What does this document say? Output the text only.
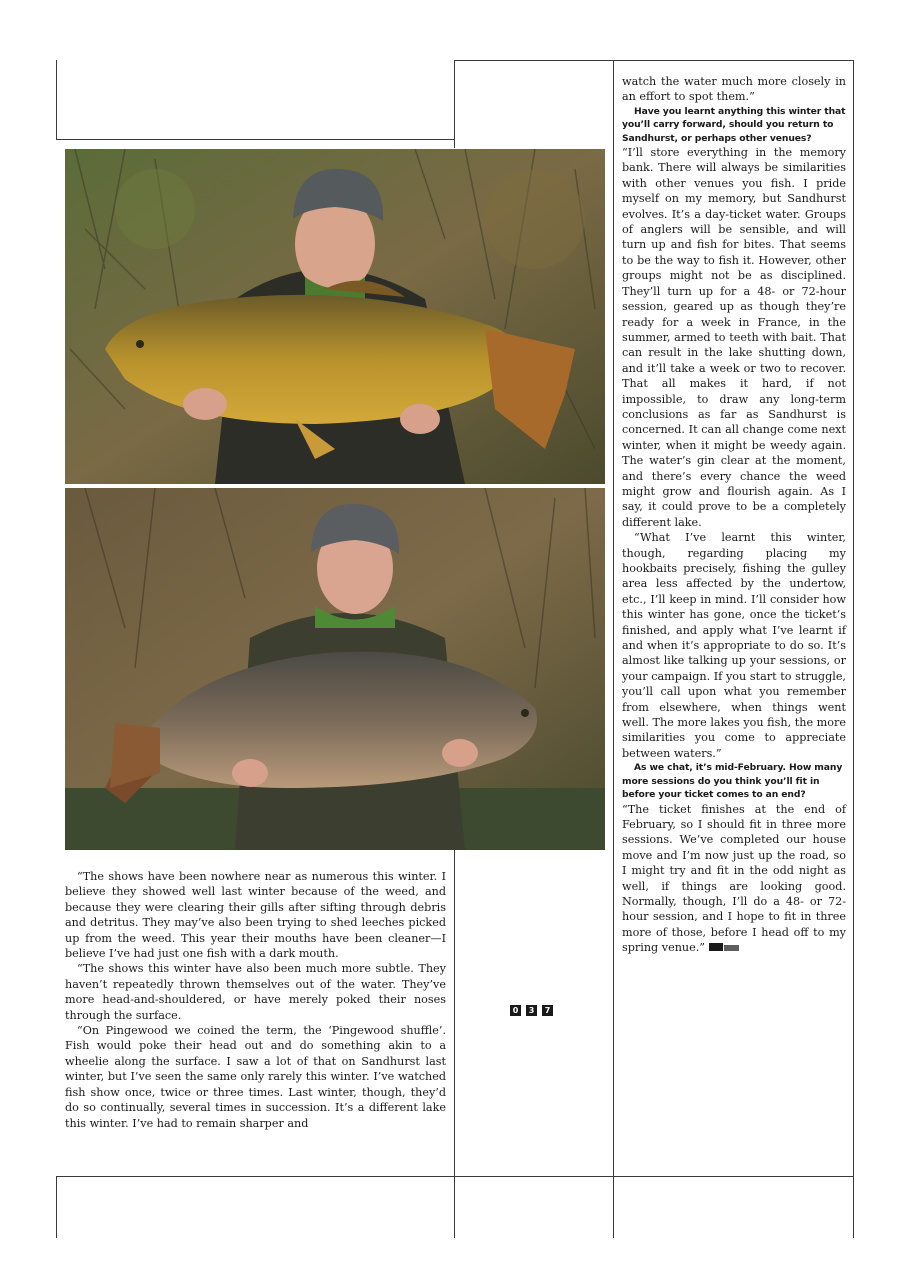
“The shows have been nowhere near as numerous this winter. I believe they showed well last winter because of the weed, and because they were clearing their gills after sifting through debris and detritus. They may’ve also been trying to shed leeches picked up from the weed. This year their mouths have been cleaner—I believe I’ve had just one fish with a dark mouth.

“The shows this winter have also been much more subtle. They haven’t repeatedly thrown themselves out of the water. They’ve more head-and-shouldered, or have merely poked their noses through the surface.

“On Pingewood we coined the term, the ‘Pingewood shuffle’. Fish would poke their head out and do something akin to a wheelie along the surface. I saw a lot of that on Sandhurst last winter, but I’ve seen the same only rarely this winter. I’ve watched fish show once, twice or three times. Last winter, though, they’d do so continually, several times in succession. It’s a different lake this winter. I’ve had to remain sharper and

0	3	7

watch the water much more closely in an effort to spot them.”

Have you learnt anything this winter that you’ll carry forward, should you return to Sandhurst, or perhaps other venues?

“I’ll store everything in the memory bank. There will always be similarities with other venues you fish. I pride myself on my memory, but Sandhurst evolves. It’s a day-ticket water. Groups of anglers will be sensible, and will turn up and fish for bites. That seems to be the way to fish it. However, other groups might not be as disciplined. They’ll turn up for a 48- or 72-hour session, geared up as though they’re ready for a week in France, in the summer, armed to teeth with bait. That can result in the lake shutting down, and it’ll take a week or two to recover. That all makes it hard, if not impossible, to draw any long-term conclusions as far as Sandhurst is concerned. It can all change come next winter, when it might be weedy again. The water’s gin clear at the moment, and there’s every chance the weed might grow and flourish again. As I say, it could prove to be a completely different lake.

“What I’ve learnt this winter, though, regarding placing my hookbaits precisely, fishing the gulley area less affected by the undertow, etc., I’ll keep in mind. I’ll consider how this winter has gone, once the ticket’s finished, and apply what I’ve learnt if and when it’s appropriate to do so. It’s almost like talking up your sessions, or your campaign. If you start to struggle, you’ll call upon what you remember from elsewhere, when things went well. The more lakes you fish, the more similarities you come to appreciate between waters.”

As we chat, it’s mid-February. How many more sessions do you think you’ll fit in before your ticket comes to an end?

“The ticket finishes at the end of February, so I should fit in three more sessions. We’ve completed our house move and I’m now just up the road, so I might try and fit in the odd night as well, if things are looking good. Normally, though, I’ll do a 48- or 72-hour session, and I hope to fit in three more of those, before I head off to my spring venue.”
